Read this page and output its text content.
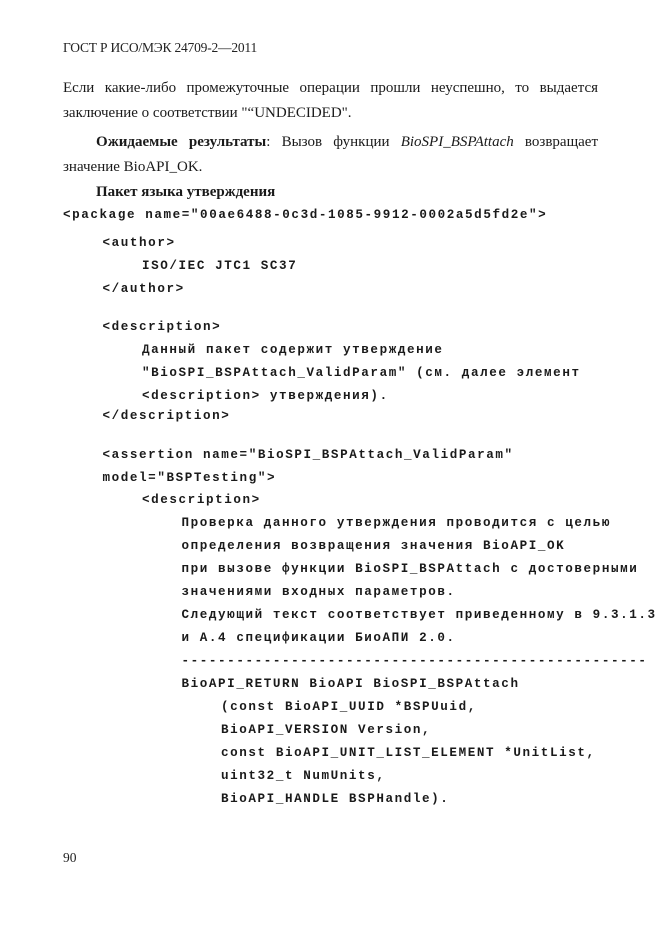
ГОСТ Р ИСО/МЭК 24709-2—2011
Если какие-либо промежуточные операции прошли неуспешно, то выдается
заключение о соответствии "“UNDECIDED".
Ожидаемые результаты: Вызов функции BioSPI_BSPAttach возвращает
значение BioAPI_OK.
Пакет языка утверждения
<package name="00ae6488-0c3d-1085-9912-0002a5d5fd2e">
<author>
ISO/IEC JTC1 SC37
</author>
<description>
Данный пакет содержит утверждение
"BioSPI_BSPAttach_ValidParam" (см. далее элемент
<description> утверждения).
</description>
<assertion name="BioSPI_BSPAttach_ValidParam"
model="BSPTesting">
<description>
Проверка данного утверждения проводится с целью
определения возвращения значения BioAPI_OK
при вызове функции BioSPI_BSPAttach с достоверными
значениями входных параметров.
Следующий текст соответствует приведенному в 9.3.1.3
и А.4 спецификации БиоАПИ 2.0.
---------------------------------------------------
BioAPI_RETURN BioAPI BioSPI_BSPAttach
(const BioAPI_UUID *BSPUuid,
BioAPI_VERSION Version,
const BioAPI_UNIT_LIST_ELEMENT *UnitList,
uint32_t NumUnits,
BioAPI_HANDLE BSPHandle).
90
